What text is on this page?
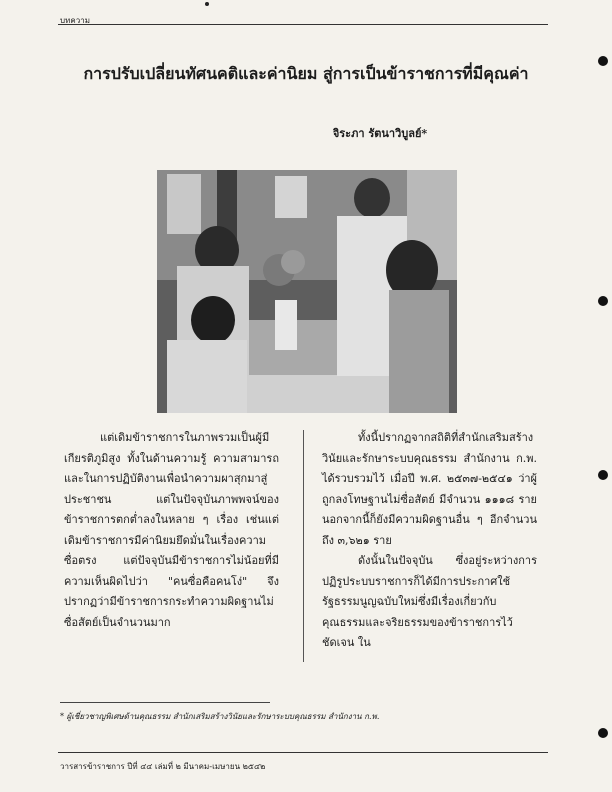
บทความ
การปรับเปลี่ยนทัศนคติและค่านิยม สู่การเป็นข้าราชการที่มีคุณค่า
จิระภา รัตนาวิบูลย์*

แต่เดิมข้าราชการในภาพรวมเป็นผู้มีเกียรติภูมิสูง ทั้งในด้านความรู้ ความสามารถ และในการปฏิบัติงานเพื่อนำความผาสุกมาสู่ประชาชน แต่ในปัจจุบันภาพพจน์ของข้าราชการตกต่ำลงในหลาย ๆ เรื่อง เช่นแต่เดิมข้าราชการมีค่านิยมยึดมั่นในเรื่องความซื่อตรง แต่ปัจจุบันมีข้าราชการไม่น้อยที่มีความเห็นผิดไปว่า "คนซื่อคือคนโง่" จึงปรากฏว่ามีข้าราชการกระทำความผิดฐานไม่ซื่อสัตย์เป็นจำนวนมาก

ทั้งนี้ปรากฏจากสถิติที่สำนักเสริมสร้างวินัยและรักษาระบบคุณธรรม สำนักงาน ก.พ. ได้รวบรวมไว้ เมื่อปี พ.ศ. ๒๕๓๗-๒๕๔๑ ว่าผู้ถูกลงโทษฐานไม่ซื่อสัตย์ มีจำนวน ๑๑๑๘ ราย นอกจากนี้ก็ยังมีความผิดฐานอื่น ๆ อีกจำนวนถึง ๓,๖๒๑ ราย

ดังนั้นในปัจจุบัน ซึ่งอยู่ระหว่างการปฏิรูประบบราชการก็ได้มีการประกาศใช้รัฐธรรมนูญฉบับใหม่ซึ่งมีเรื่องเกี่ยวกับคุณธรรมและจริยธรรมของข้าราชการไว้ชัดเจน ใน

* ผู้เชี่ยวชาญพิเศษด้านคุณธรรม สำนักเสริมสร้างวินัยและรักษาระบบคุณธรรม สำนักงาน ก.พ.
วารสารข้าราชการ ปีที่ ๔๔ เล่มที่ ๒ มีนาคม-เมษายน ๒๕๔๒
